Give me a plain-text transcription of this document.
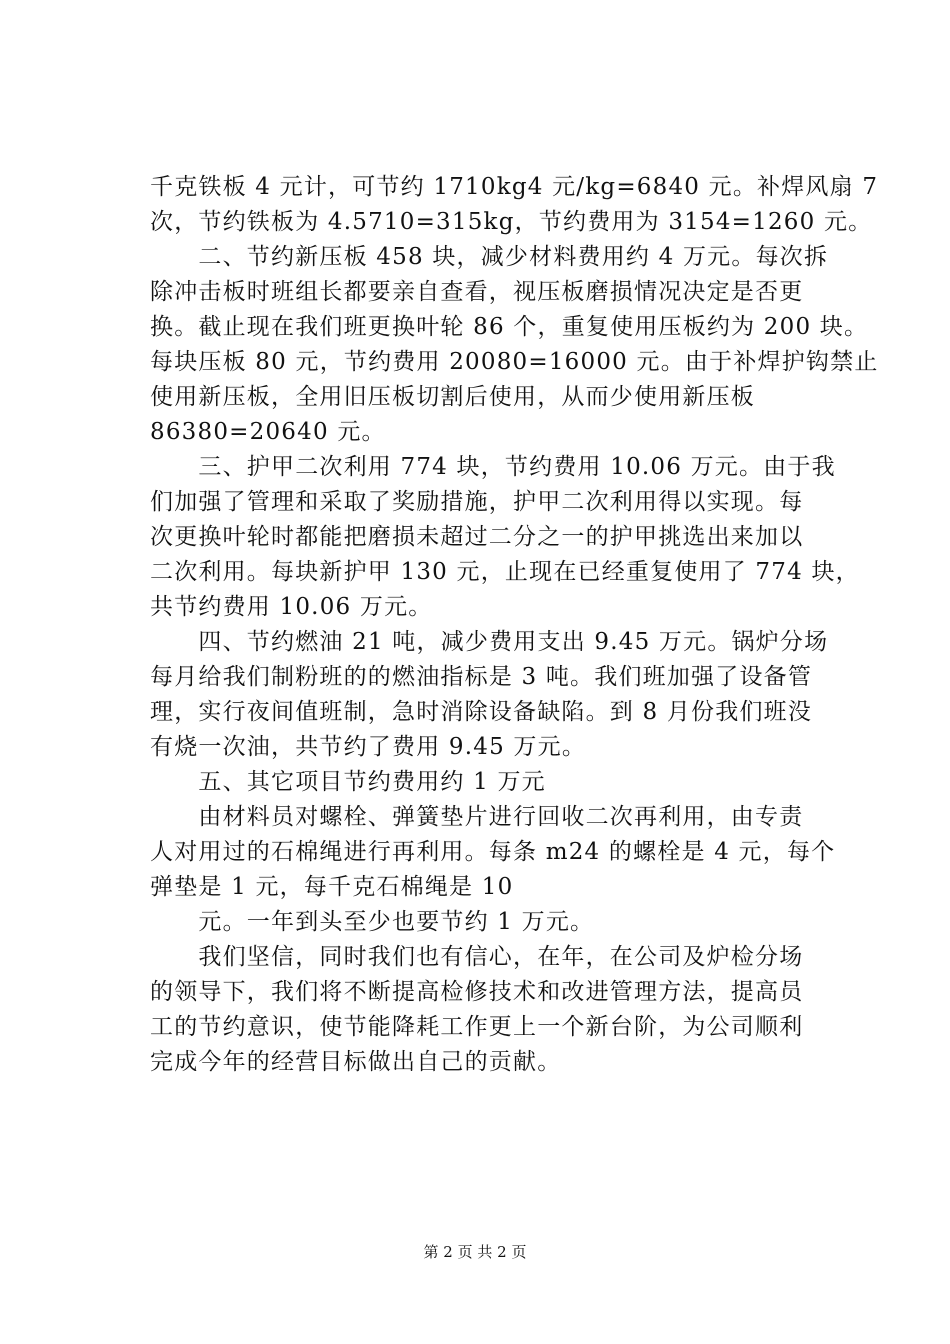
千克铁板 4 元计，可节约 1710kg4 元/kg=6840 元。补焊风扇 7
次，节约铁板为 4.5710=315kg，节约费用为 3154=1260 元。
　　二、节约新压板 458 块，减少材料费用约 4 万元。每次拆
除冲击板时班组长都要亲自查看，视压板磨损情况决定是否更
换。截止现在我们班更换叶轮 86 个，重复使用压板约为 200 块。
每块压板 80 元，节约费用 20080=16000 元。由于补焊护钩禁止
使用新压板，全用旧压板切割后使用，从而少使用新压板
86380=20640 元。
　　三、护甲二次利用 774 块，节约费用 10.06 万元。由于我
们加强了管理和采取了奖励措施，护甲二次利用得以实现。每
次更换叶轮时都能把磨损未超过二分之一的护甲挑选出来加以
二次利用。每块新护甲 130 元，止现在已经重复使用了 774 块，
共节约费用 10.06 万元。
　　四、节约燃油 21 吨，减少费用支出 9.45 万元。锅炉分场
每月给我们制粉班的的燃油指标是 3 吨。我们班加强了设备管
理，实行夜间值班制，急时消除设备缺陷。到 8 月份我们班没
有烧一次油，共节约了费用 9.45 万元。
　　五、其它项目节约费用约 1 万元
　　由材料员对螺栓、弹簧垫片进行回收二次再利用，由专责
人对用过的石棉绳进行再利用。每条 m24 的螺栓是 4 元，每个
弹垫是 1 元，每千克石棉绳是 10
　　元。一年到头至少也要节约 1 万元。
　　我们坚信，同时我们也有信心，在年，在公司及炉检分场
的领导下，我们将不断提高检修技术和改进管理方法，提高员
工的节约意识，使节能降耗工作更上一个新台阶，为公司顺利
完成今年的经营目标做出自己的贡献。
第 2 页 共 2 页
